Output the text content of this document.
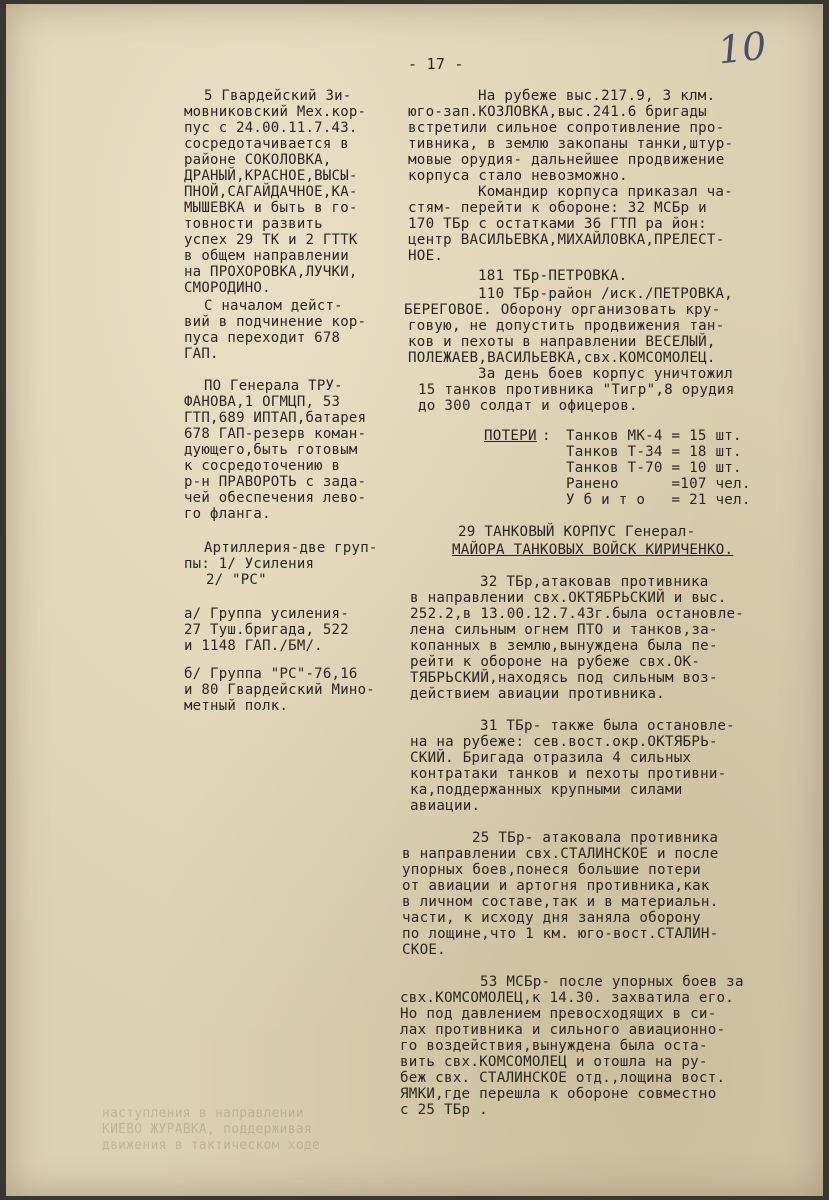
- 17 -	10
5 Гвардейский Зи-
мовниковский Мех.кор-
пус с 24.00.11.7.43.
сосредотачивается в
районе СОКОЛОВКА,
ДРАНЫЙ,КРАСНОЕ,ВЫСЫ-
ПНОЙ,САГАЙДАЧНОЕ,КА-
МЫШЕВКА и быть в го-
товности развить
успех 29 ТК и 2 ГТТК
в общем направлении
на ПРОХОРОВКА,ЛУЧКИ,
СМОРОДИНО.
С началом дейст-
вий в подчинение кор-
пуса переходит 678
ГАП.
ПО Генерала ТРУ-
ФАНОВА,1 ОГМЦП, 53
ГТП,689 ИПТАП,батарея
678 ГАП-резерв коман-
дующего,быть готовым
к сосредоточению в
р-н ПРАВОРОТЬ с зада-
чей обеспечения лево-
го фланга.
Артиллерия-две груп-
пы: 1/ Усиления
2/ "РС"
а/ Группа усиления-
27 Туш.бригада, 522
и 1148 ГАП./БМ/.
б/ Группа "РС"-76,16
и 80 Гвардейский Мино-
метный полк.
На рубеже выс.217.9, 3 клм.
юго-зап.КОЗЛОВКА,выс.241.6 бригады
встретили сильное сопротивление про-
тивника, в землю закопаны танки,штур-
мовые орудия- дальнейшее продвижение
корпуса стало невозможно.
Командир корпуса приказал ча-
стям- перейти к обороне: 32 МСБр и
170 ТБр с остатками 36 ГТП ра йон:
центр ВАСИЛЬЕВКА,МИХАЙЛОВКА,ПРЕЛЕСТ-
НОЕ.
181 ТБр-ПЕТРОВКА.
110 ТБр-район /иск./ПЕТРОВКА,
БЕРЕГОВОЕ. Оборону организовать кру-
говую, не допустить продвижения тан-
ков и пехоты в направлении ВЕСЕЛЫЙ,
ПОЛЕЖАЕВ,ВАСИЛЬЕВКА,свх.КОМСОМОЛЕЦ.
За день боев корпус уничтожил
15 танков противника "Тигр",8 орудия
до 300 солдат и офицеров.
ПОТЕРИ : Танков МК-4 = 15 шт.
Танков Т-34 = 18 шт.
Танков Т-70 = 10 шт.
Ранено      =107 чел.
У б и т о   = 21 чел.
29 ТАНКОВЫЙ КОРПУС Генерал-
МАЙОРА ТАНКОВЫХ ВОЙСК КИРИЧЕНКО.
32 ТБр,атаковав противника
в направлении свх.ОКТЯБРЬСКИЙ и выс.
252.2,в 13.00.12.7.43г.была остановле-
лена сильным огнем ПТО и танков,за-
копанных в землю,вынуждена была пе-
рейти к обороне на рубеже свх.ОК-
ТЯБРЬСКИЙ,находясь под сильным воз-
действием авиации противника.
31 ТБр- также была остановле-
на на рубеже: сев.вост.окр.ОКТЯБРЬ-
СКИЙ. Бригада отразила 4 сильных
контратаки танков и пехоты противни-
ка,поддержанных крупными силами
авиации.
25 ТБр- атаковала противника
в направлении свх.СТАЛИНСКОЕ и после
упорных боев,понеся большие потери
от авиации и артогня противника,как
в личном составе,так и в материальн.
части, к исходу дня заняла оборону
по лощине,что 1 км. юго-вост.СТАЛИН-
СКОЕ.
53 МСБр- после упорных боев за
свх.КОМСОМОЛЕЦ,к 14.30. захватила его.
Но под давлением превосходящих в си-
лах противника и сильного авиационно-
го воздействия,вынуждена была оста-
вить свх.КОМСОМОЛЕЦ и отошла на ру-
беж свх. СТАЛИНСКОЕ отд.,лощина вост.
ЯМКИ,где перешла к обороне совместно
с 25 ТБр .
наступления в направлении
КИЕВО ЖУРАВКА, поддерживая
движения в тактическом ходе
